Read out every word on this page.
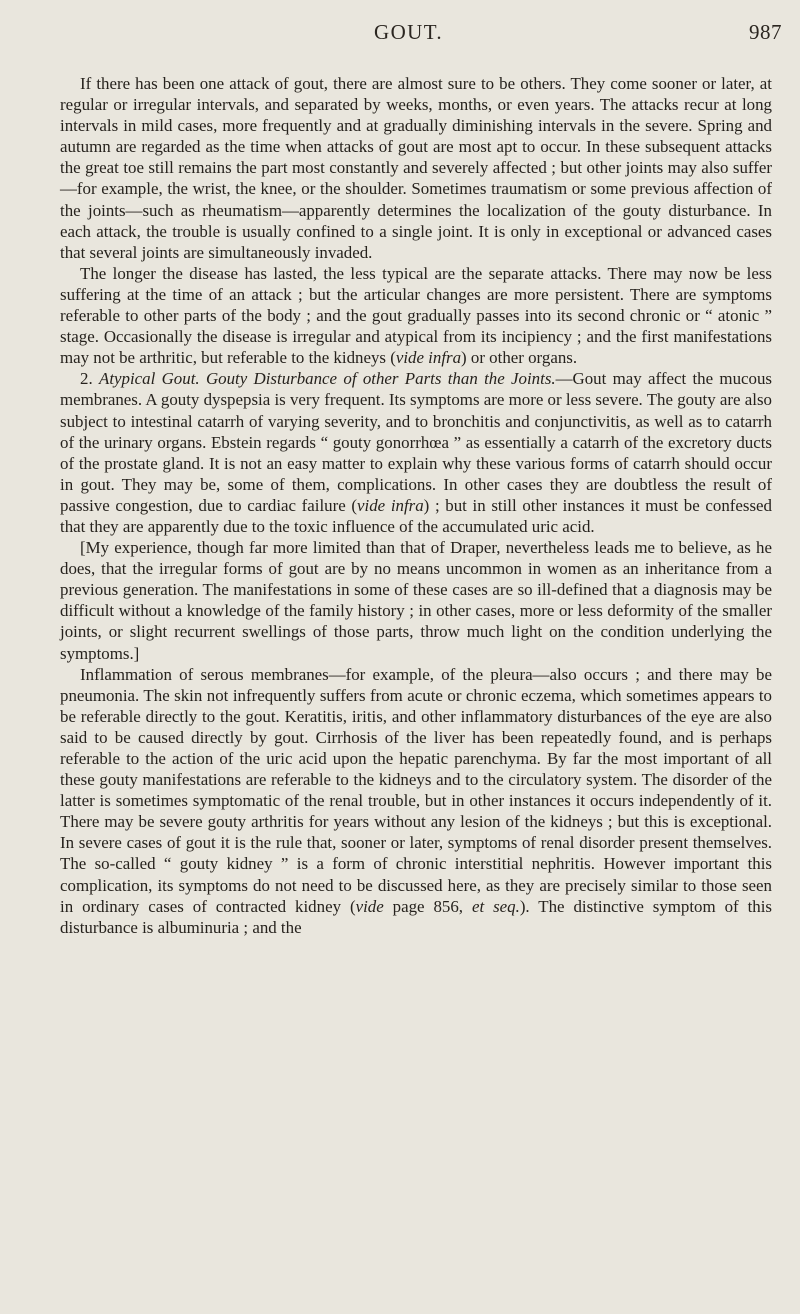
GOUT.	987

If there has been one attack of gout, there are almost sure to be others. They come sooner or later, at regular or irregular intervals, and separated by weeks, months, or even years. The attacks recur at long intervals in mild cases, more frequently and at gradually diminishing intervals in the severe. Spring and autumn are regarded as the time when attacks of gout are most apt to occur. In these subsequent attacks the great toe still remains the part most constantly and severely affected ; but other joints may also suffer—for example, the wrist, the knee, or the shoulder. Sometimes traumatism or some previous affection of the joints—such as rheumatism—apparently determines the localization of the gouty disturbance. In each attack, the trouble is usually confined to a single joint. It is only in exceptional or advanced cases that several joints are simultaneously invaded.

The longer the disease has lasted, the less typical are the separate attacks. There may now be less suffering at the time of an attack ; but the articular changes are more persistent. There are symptoms referable to other parts of the body ; and the gout gradually passes into its second chronic or “ atonic ” stage. Occasionally the disease is irregular and atypical from its incipiency ; and the first manifestations may not be arthritic, but referable to the kidneys (vide infra) or other organs.

2. Atypical Gout. Gouty Disturbance of other Parts than the Joints.—Gout may affect the mucous membranes. A gouty dyspepsia is very frequent. Its symptoms are more or less severe. The gouty are also subject to intestinal catarrh of varying severity, and to bronchitis and conjunctivitis, as well as to catarrh of the urinary organs. Ebstein regards “ gouty gonorrhœa ” as essentially a catarrh of the excretory ducts of the prostate gland. It is not an easy matter to explain why these various forms of catarrh should occur in gout. They may be, some of them, complications. In other cases they are doubtless the result of passive congestion, due to cardiac failure (vide infra) ; but in still other instances it must be confessed that they are apparently due to the toxic influence of the accumulated uric acid.

[My experience, though far more limited than that of Draper, nevertheless leads me to believe, as he does, that the irregular forms of gout are by no means uncommon in women as an inheritance from a previous generation. The manifestations in some of these cases are so ill-defined that a diagnosis may be difficult without a knowledge of the family history ; in other cases, more or less deformity of the smaller joints, or slight recurrent swellings of those parts, throw much light on the condition underlying the symptoms.]

Inflammation of serous membranes—for example, of the pleura—also occurs ; and there may be pneumonia. The skin not infrequently suffers from acute or chronic eczema, which sometimes appears to be referable directly to the gout. Keratitis, iritis, and other inflammatory disturbances of the eye are also said to be caused directly by gout. Cirrhosis of the liver has been repeatedly found, and is perhaps referable to the action of the uric acid upon the hepatic parenchyma. By far the most important of all these gouty manifestations are referable to the kidneys and to the circulatory system. The disorder of the latter is sometimes symptomatic of the renal trouble, but in other instances it occurs independently of it. There may be severe gouty arthritis for years without any lesion of the kidneys ; but this is exceptional. In severe cases of gout it is the rule that, sooner or later, symptoms of renal disorder present themselves. The so-called “ gouty kidney ” is a form of chronic interstitial nephritis. However important this complication, its symptoms do not need to be discussed here, as they are precisely similar to those seen in ordinary cases of contracted kidney (vide page 856, et seq.). The distinctive symptom of this disturbance is albuminuria ; and the
